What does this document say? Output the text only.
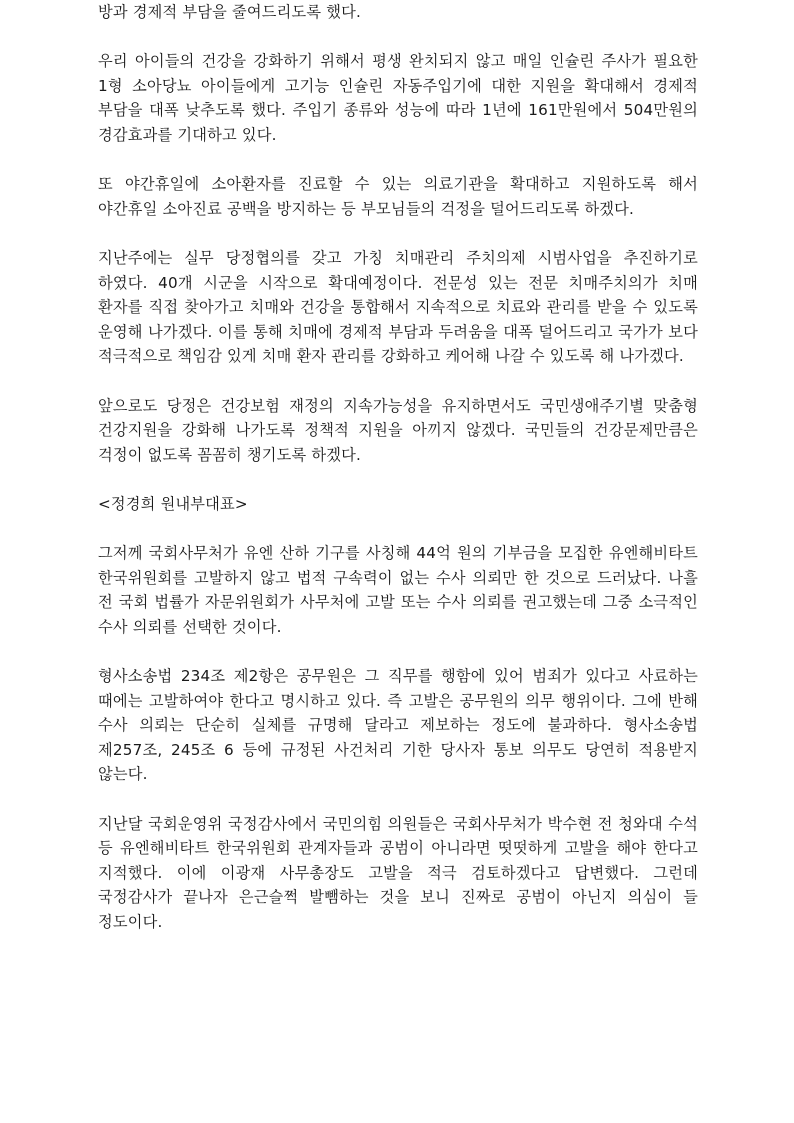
방과 경제적 부담을 줄여드리도록 했다.

우리 아이들의 건강을 강화하기 위해서 평생 완치되지 않고 매일 인슐린 주사가 필요한 1형 소아당뇨 아이들에게 고기능 인슐린 자동주입기에 대한 지원을 확대해서 경제적 부담을 대폭 낮추도록 했다. 주입기 종류와 성능에 따라 1년에 161만원에서 504만원의 경감효과를 기대하고 있다.

또 야간휴일에 소아환자를 진료할 수 있는 의료기관을 확대하고 지원하도록 해서 야간휴일 소아진료 공백을 방지하는 등 부모님들의 걱정을 덜어드리도록 하겠다.

지난주에는 실무 당정협의를 갖고 가칭 치매관리 주치의제 시범사업을 추진하기로 하였다. 40개 시군을 시작으로 확대예정이다. 전문성 있는 전문 치매주치의가 치매 환자를 직접 찾아가고 치매와 건강을 통합해서 지속적으로 치료와 관리를 받을 수 있도록 운영해 나가겠다. 이를 통해 치매에 경제적 부담과 두려움을 대폭 덜어드리고 국가가 보다 적극적으로 책임감 있게 치매 환자 관리를 강화하고 케어해 나갈 수 있도록 해 나가겠다.

앞으로도 당정은 건강보험 재정의 지속가능성을 유지하면서도 국민생애주기별 맞춤형 건강지원을 강화해 나가도록 정책적 지원을 아끼지 않겠다. 국민들의 건강문제만큼은 걱정이 없도록 꼼꼼히 챙기도록 하겠다.

<정경희 원내부대표>

그저께 국회사무처가 유엔 산하 기구를 사칭해 44억 원의 기부금을 모집한 유엔해비타트 한국위원회를 고발하지 않고 법적 구속력이 없는 수사 의뢰만 한 것으로 드러났다. 나흘 전 국회 법률가 자문위원회가 사무처에 고발 또는 수사 의뢰를 권고했는데 그중 소극적인 수사 의뢰를 선택한 것이다.

형사소송법 234조 제2항은 공무원은 그 직무를 행함에 있어 범죄가 있다고 사료하는 때에는 고발하여야 한다고 명시하고 있다. 즉 고발은 공무원의 의무 행위이다. 그에 반해 수사 의뢰는 단순히 실체를 규명해 달라고 제보하는 정도에 불과하다. 형사소송법 제257조, 245조 6 등에 규정된 사건처리 기한 당사자 통보 의무도 당연히 적용받지 않는다.

지난달 국회운영위 국정감사에서 국민의힘 의원들은 국회사무처가 박수현 전 청와대 수석 등 유엔해비타트 한국위원회 관계자들과 공범이 아니라면 떳떳하게 고발을 해야 한다고 지적했다. 이에 이광재 사무총장도 고발을 적극 검토하겠다고 답변했다. 그런데 국정감사가 끝나자 은근슬쩍 발뺌하는 것을 보니 진짜로 공범이 아닌지 의심이 들 정도이다.
